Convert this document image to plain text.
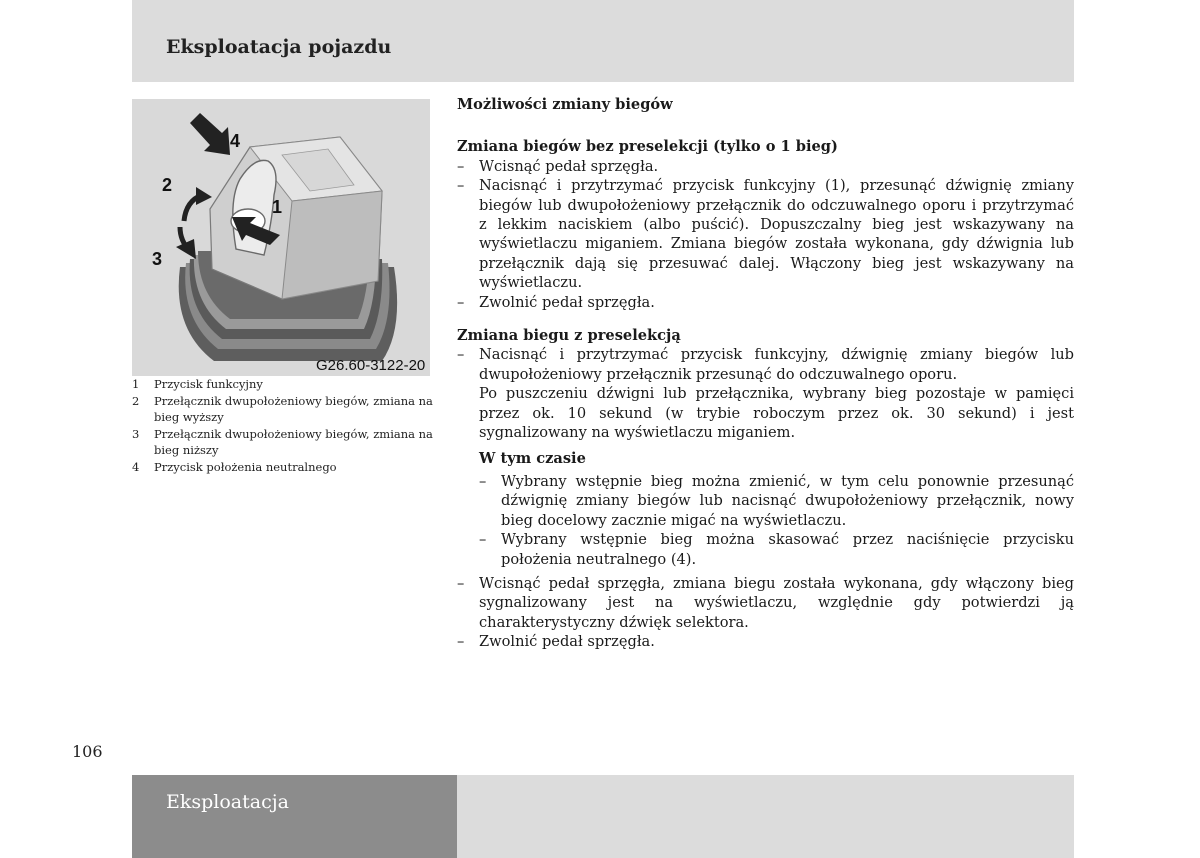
Eksploatacja pojazdu
4
1
2
3
G26.60-3122-20
1	Przycisk funkcyjny
2	Przełącznik dwupołożeniowy biegów, zmiana na bieg wyższy
3	Przełącznik dwupołożeniowy biegów, zmiana na bieg niższy
4	Przycisk położenia neutralnego

Możliwości zmiany biegów

Zmiana biegów bez preselekcji (tylko o 1 bieg)

– Wcisnąć pedał sprzęgła.
– Nacisnąć i przytrzymać przycisk funkcyjny (1), przesunąć dźwignię zmiany biegów lub dwupołożeniowy przełącznik do odczuwalnego oporu i przytrzymać z lekkim naciskiem (albo puścić). Dopuszczalny bieg jest wskazywany na wyświetlaczu miganiem. Zmiana biegów została wykonana, gdy dźwignia lub przełącznik dają się przesuwać dalej. Włączony bieg jest wskazywany na wyświetlaczu.
– Zwolnić pedał sprzęgła.

Zmiana biegu z preselekcją

– Nacisnąć i przytrzymać przycisk funkcyjny, dźwignię zmiany biegów lub dwupołożeniowy przełącznik przesunąć do odczuwalnego oporu.
Po puszczeniu dźwigni lub przełącznika, wybrany bieg pozostaje w pamięci przez ok. 10 sekund (w trybie roboczym przez ok. 30 sekund) i jest sygnalizowany na wyświetlaczu miganiem.
W tym czasie
– Wybrany wstępnie bieg można zmienić, w tym celu ponownie przesunąć dźwignię zmiany biegów lub nacisnąć dwupołożeniowy przełącznik, nowy bieg docelowy zacznie migać na wyświetlaczu.
– Wybrany wstępnie bieg można skasować przez naciśnięcie przycisku położenia neutralnego (4).
– Wcisnąć pedał sprzęgła, zmiana biegu została wykonana, gdy włączony bieg sygnalizowany jest na wyświetlaczu, względnie gdy potwierdzi ją charakterystyczny dźwięk selektora.
– Zwolnić pedał sprzęgła.
106
Eksploatacja
